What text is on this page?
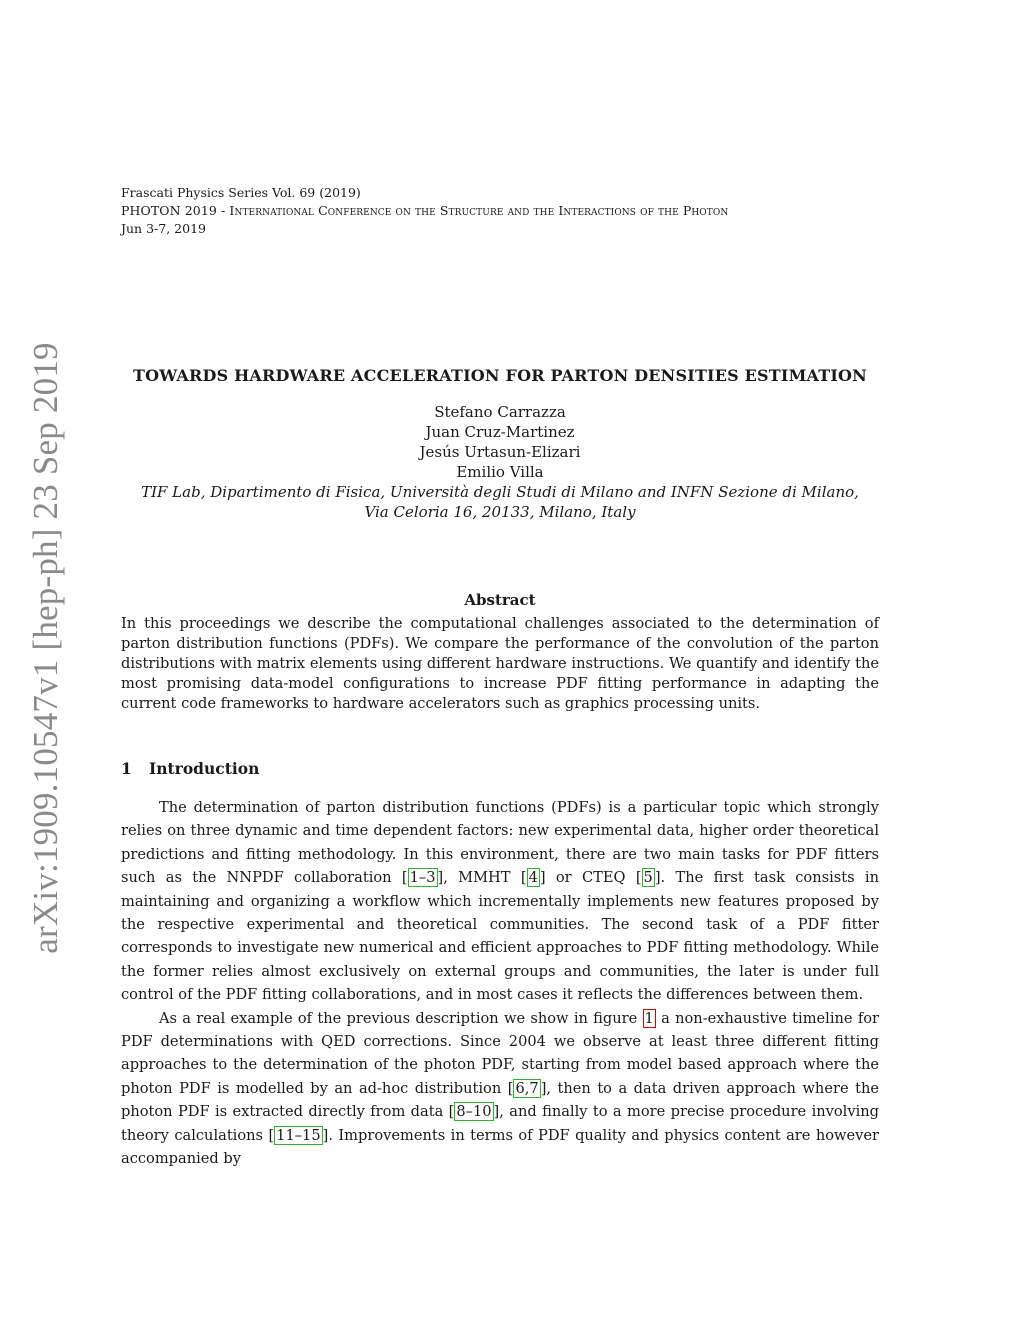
arXiv:1909.10547v1 [hep-ph] 23 Sep 2019
Frascati Physics Series Vol. 69 (2019)
PHOTON 2019 - International Conference on the Structure and the Interactions of the Photon
Jun 3-7, 2019
TOWARDS HARDWARE ACCELERATION FOR PARTON DENSITIES ESTIMATION
Stefano Carrazza
Juan Cruz-Martinez
Jesús Urtasun-Elizari
Emilio Villa
TIF Lab, Dipartimento di Fisica, Università degli Studi di Milano and INFN Sezione di Milano,
Via Celoria 16, 20133, Milano, Italy
Abstract
In this proceedings we describe the computational challenges associated to the determination of parton distribution functions (PDFs). We compare the performance of the convolution of the parton distributions with matrix elements using different hardware instructions. We quantify and identify the most promising data-model configurations to increase PDF fitting performance in adapting the current code frameworks to hardware accelerators such as graphics processing units.
1 Introduction

The determination of parton distribution functions (PDFs) is a particular topic which strongly relies on three dynamic and time dependent factors: new experimental data, higher order theoretical predictions and fitting methodology. In this environment, there are two main tasks for PDF fitters such as the NNPDF collaboration [ 1–3 ], MMHT [ 4 ] or CTEQ [ 5 ]. The first task consists in maintaining and organizing a workflow which incrementally implements new features proposed by the respective experimental and theoretical communities. The second task of a PDF fitter corresponds to investigate new numerical and efficient approaches to PDF fitting methodology. While the former relies almost exclusively on external groups and communities, the later is under full control of the PDF fitting collaborations, and in most cases it reflects the differences between them.

As a real example of the previous description we show in figure 1 a non-exhaustive timeline for PDF determinations with QED corrections. Since 2004 we observe at least three different fitting approaches to the determination of the photon PDF, starting from model based approach where the photon PDF is modelled by an ad-hoc distribution [ 6,7 ], then to a data driven approach where the photon PDF is extracted directly from data [ 8–10 ], and finally to a more precise procedure involving theory calculations [ 11–15 ]. Improvements in terms of PDF quality and physics content are however accompanied by
